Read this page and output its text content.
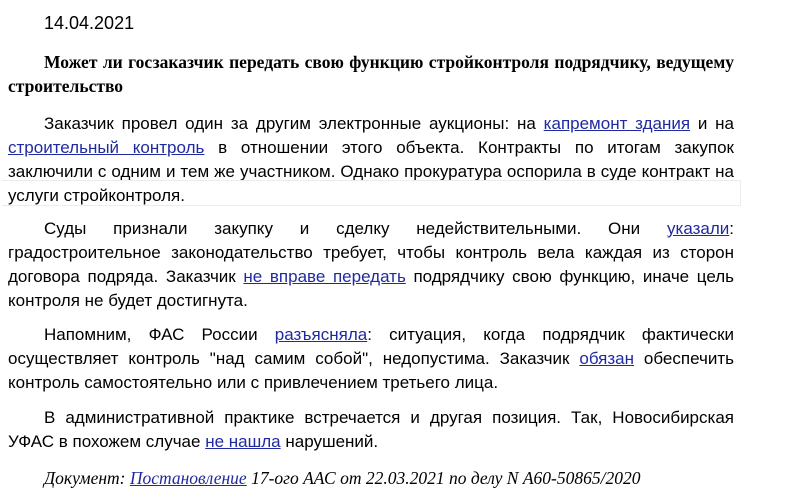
14.04.2021

Может ли госзаказчик передать свою функцию стройконтроля подрядчику, ведущему строительство

Заказчик провел один за другим электронные аукционы: на капремонт здания и на строительный контроль в отношении этого объекта. Контракты по итогам закупок заключили с одним и тем же участником. Однако прокуратура оспорила в суде контракт на услуги стройконтроля.

Суды признали закупку и сделку недействительными. Они указали: градостроительное законодательство требует, чтобы контроль вела каждая из сторон договора подряда. Заказчик не вправе передать подрядчику свою функцию, иначе цель контроля не будет достигнута.

Напомним, ФАС России разъясняла: ситуация, когда подрядчик фактически осуществляет контроль "над самим собой", недопустима. Заказчик обязан обеспечить контроль самостоятельно или с привлечением третьего лица.

В административной практике встречается и другая позиция. Так, Новосибирская УФАС в похожем случае не нашла нарушений.

Документ: Постановление 17-ого ААС от 22.03.2021 по делу N А60-50865/2020
